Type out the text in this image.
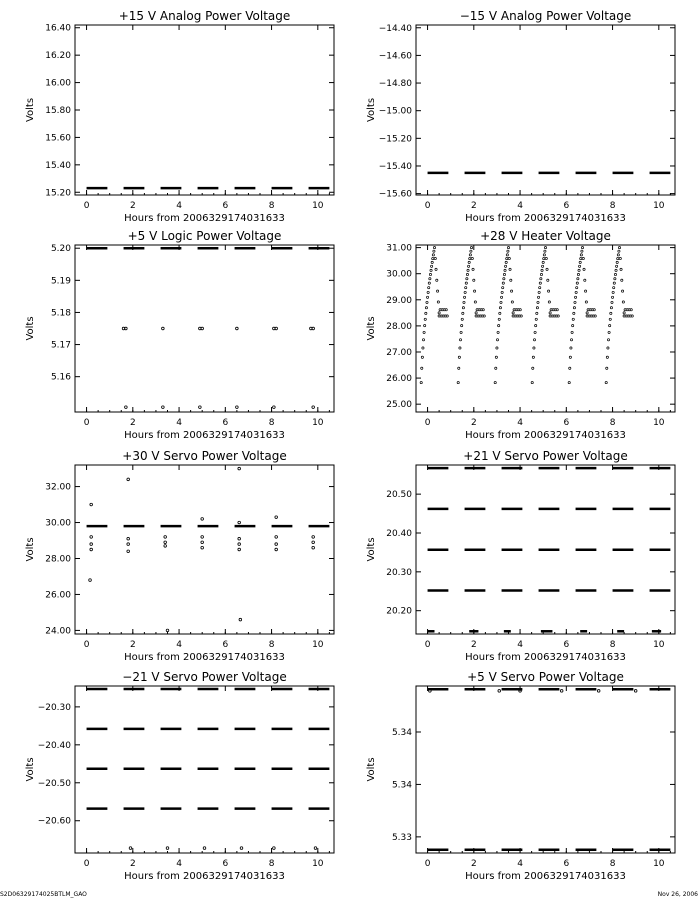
+15 V Analog Power Voltage
0	2	4	6	8	10
15.20
15.40
15.60
15.80
16.00
16.20
16.40
Hours from 2006329174031633
Volts
−15 V Analog Power Voltage
0	2	4	6	8	10
−15.60
−15.40
−15.20
−15.00
−14.80
−14.60
−14.40
Hours from 2006329174031633
Volts
+5 V Logic Power Voltage
0	2	4	6	8	10
5.16
5.17
5.18
5.19
5.20
Hours from 2006329174031633
Volts
+28 V Heater Voltage
0	2	4	6	8	10
25.00
26.00
27.00
28.00
29.00
30.00
31.00
Hours from 2006329174031633
Volts
+30 V Servo Power Voltage
0	2	4	6	8	10
24.00
26.00
28.00
30.00
32.00
Hours from 2006329174031633
Volts
+21 V Servo Power Voltage
0	2	4	6	8	10
20.20
20.30
20.40
20.50
Hours from 2006329174031633
Volts
−21 V Servo Power Voltage
0	2	4	6	8	10
−20.60
−20.50
−20.40
−20.30
Hours from 2006329174031633
Volts
+5 V Servo Power Voltage
0	2	4	6	8	10
5.33
5.34
5.34
Hours from 2006329174031633
Volts
S2D06329174025BTLM_GAO	Nov 26, 2006
